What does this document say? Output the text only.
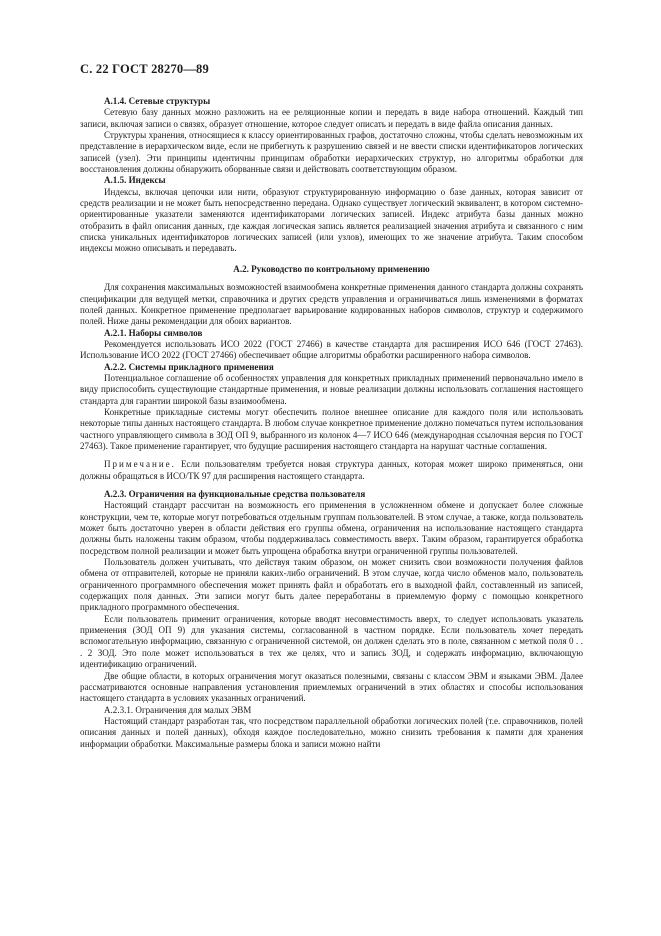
С. 22 ГОСТ 28270—89
А.1.4. Сетевые структуры

Сетевую базу данных можно разложить на ее реляционные копии и передать в виде набора отношений. Каждый тип записи, включая записи о связях, образует отношение, которое следует описать и передать в виде файла описания данных.

Структуры хранения, относящиеся к классу ориентированных графов, достаточно сложны, чтобы сделать невозможным их представление в иерархическом виде, если не прибегнуть к разрушению связей и не ввести списки идентификаторов логических записей (узел). Эти принципы идентичны принципам обработки иерархических структур, но алгоритмы обработки для восстановления должны обнаружить оборванные связи и действовать соответствующим образом.

А.1.5. Индексы

Индексы, включая цепочки или нити, образуют структурированную информацию о базе данных, которая зависит от средств реализации и не может быть непосредственно передана. Однако существует логический эквивалент, в котором системно-ориентированные указатели заменяются идентификаторами логических записей. Индекс атрибута базы данных можно отобразить в файл описания данных, где каждая логическая запись является реализацией значения атрибута и связанного с ним списка уникальных идентификаторов логических записей (или узлов), имеющих то же значение атрибута. Таким способом индексы можно описывать и передавать.

А.2. Руководство по контрольному применению

Для сохранения максимальных возможностей взаимообмена конкретные применения данного стандарта должны сохранять спецификации для ведущей метки, справочника и других средств управления и ограничиваться лишь изменениями в форматах полей данных. Конкретное применение предполагает варьирование кодированных наборов символов, структур и содержимого полей. Ниже даны рекомендации для обоих вариантов.

А.2.1. Наборы символов

Рекомендуется использовать ИСО 2022 (ГОСТ 27466) в качестве стандарта для расширения ИСО 646 (ГОСТ 27463). Использование ИСО 2022 (ГОСТ 27466) обеспечивает общие алгоритмы обработки расширенного набора символов.

А.2.2. Системы прикладного применения

Потенциальное соглашение об особенностях управления для конкретных прикладных применений первоначально имело в виду приспособить существующие стандартные применения, и новые реализации должны использовать соглашения настоящего стандарта для гарантии широкой базы взаимообмена.

Конкретные прикладные системы могут обеспечить полное внешнее описание для каждого поля или использовать некоторые типы данных настоящего стандарта. В любом случае конкретное применение должно помечаться путем использования частного управляющего символа в ЗОД ОП 9, выбранного из колонок 4—7 ИСО 646 (международная ссылочная версия по ГОСТ 27463). Такое применение гарантирует, что будущие расширения настоящего стандарта на нарушат частные соглашения.

Примечание. Если пользователям требуется новая структура данных, которая может широко применяться, они должны обращаться в ИСО/ТК 97 для расширения настоящего стандарта.

А.2.3. Ограничения на функциональные средства пользователя

Настоящий стандарт рассчитан на возможность его применения в усложненном обмене и допускает более сложные конструкции, чем те, которые могут потребоваться отдельным группам пользователей. В этом случае, а также, когда пользователь может быть достаточно уверен в области действия его группы обмена, ограничения на использование настоящего стандарта должны быть наложены таким образом, чтобы поддерживалась совместимость вверх. Таким образом, гарантируется обработка посредством полной реализации и может быть упрощена обработка внутри ограниченной группы пользователей.

Пользователь должен учитывать, что действуя таким образом, он может снизить свои возможности получения файлов обмена от отправителей, которые не приняли каких-либо ограничений. В этом случае, когда число обменов мало, пользователь ограниченного программного обеспечения может принять файл и обработать его в выходной файл, составленный из записей, содержащих поля данных. Эти записи могут быть далее переработаны в приемлемую форму с помощью конкретного прикладного программного обеспечения.

Если пользователь применит ограничения, которые вводят несовместимость вверх, то следует использовать указатель применения (ЗОД ОП 9) для указания системы, согласованной в частном порядке. Если пользователь хочет передать вспомогательную информацию, связанную с ограниченной системой, он должен сделать это в поле, связанном с меткой поля 0 . . . 2 ЗОД. Это поле может использоваться в тех же целях, что и запись ЗОД, и содержать информацию, включающую идентификацию ограничений.

Две общие области, в которых ограничения могут оказаться полезными, связаны с классом ЭВМ и языками ЭВМ. Далее рассматриваются основные направления установления приемлемых ограничений в этих областях и способы использования настоящего стандарта в условиях указанных ограничений.

А.2.3.1. Ограничения для малых ЭВМ

Настоящий стандарт разработан так, что посредством параллельной обработки логических полей (т.е. справочников, полей описания данных и полей данных), обходя каждое последовательно, можно снизить требования к памяти для хранения информации обработки. Максимальные размеры блока и записи можно найти
